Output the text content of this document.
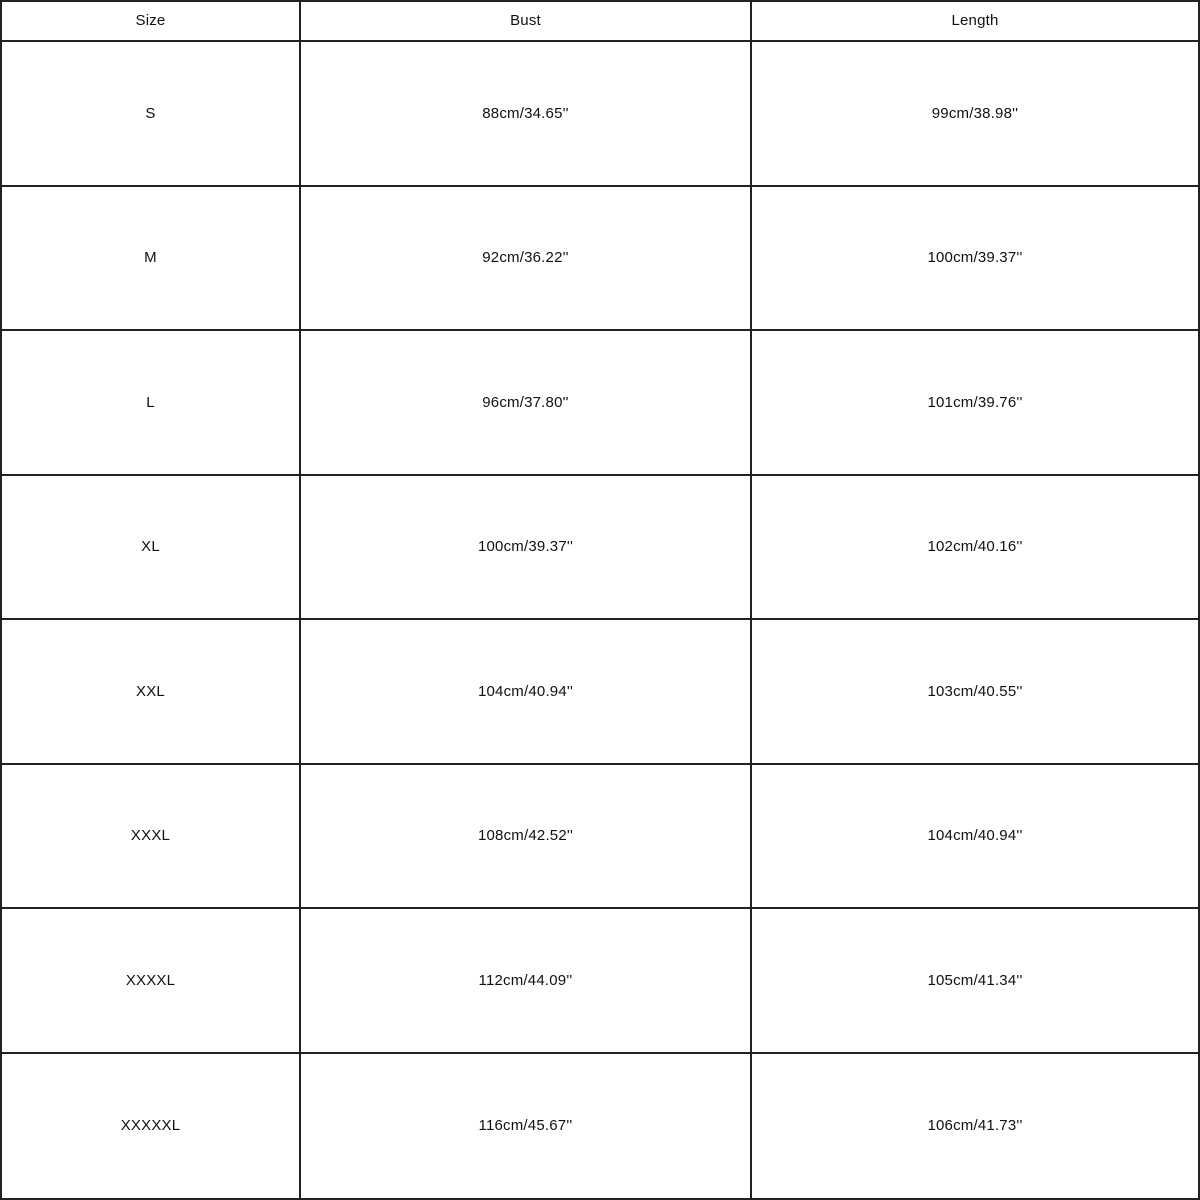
Size	Bust	Length
S	88cm/34.65''	99cm/38.98''
M	92cm/36.22''	100cm/39.37''
L	96cm/37.80''	101cm/39.76''
XL	100cm/39.37''	102cm/40.16''
XXL	104cm/40.94''	103cm/40.55''
XXXL	108cm/42.52''	104cm/40.94''
XXXXL	112cm/44.09''	105cm/41.34''
XXXXXL	116cm/45.67''	106cm/41.73''
